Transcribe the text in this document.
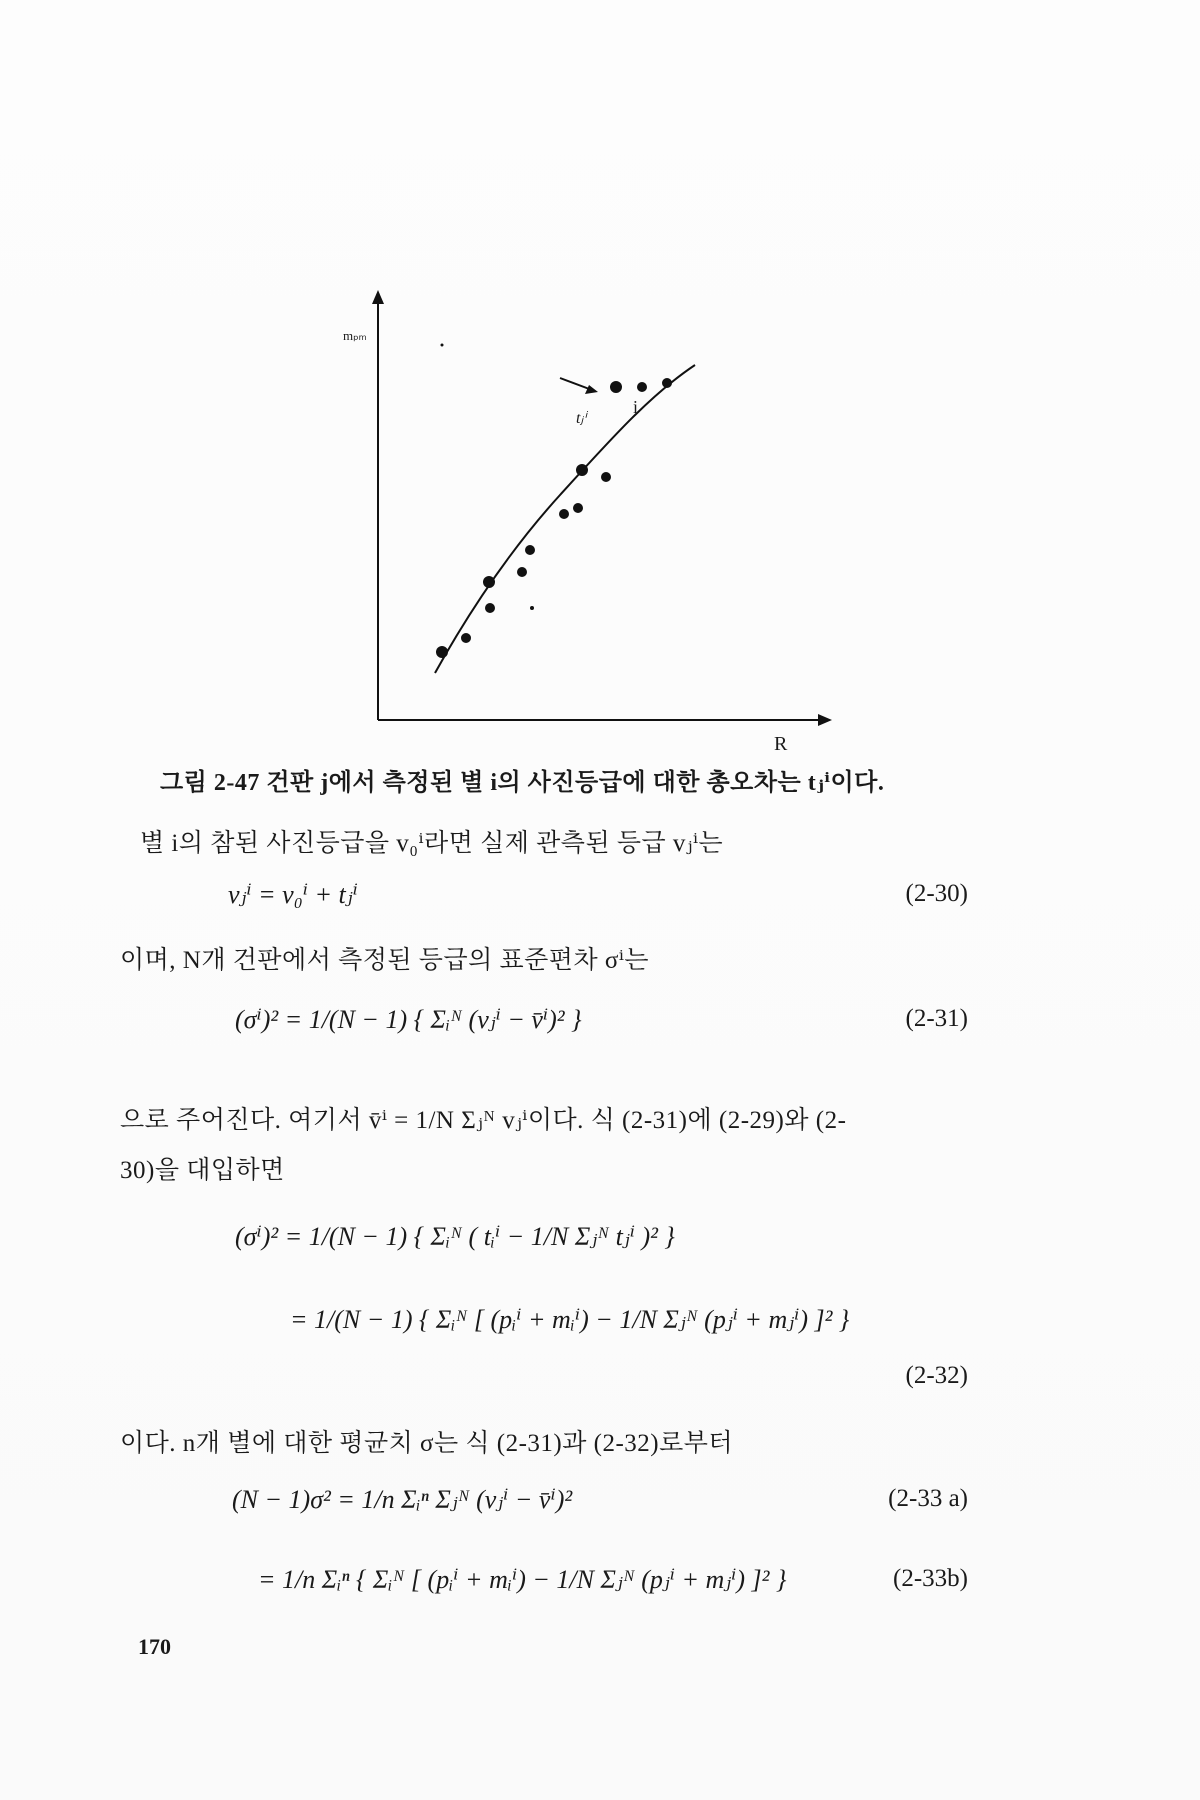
mₚₘ
R
i
tⱼⁱ
그림 2-47 건판 j에서 측정된 별 i의 사진등급에 대한 총오차는 tⱼⁱ이다.
별 i의 참된 사진등급을 v₀ⁱ라면 실제 관측된 등급 vⱼⁱ는
vⱼⁱ = v₀ⁱ + tⱼⁱ	(2-30)
이며, N개 건판에서 측정된 등급의 표준편차 σⁱ는
(σⁱ)² = 1/(N − 1) { Σᵢᴺ (vⱼⁱ − v̄ⁱ)² }	(2-31)
으로 주어진다. 여기서 v̄ⁱ = 1/N Σⱼᴺ vⱼⁱ이다. 식 (2-31)에 (2-29)와 (2-
30)을 대입하면
(σⁱ)² = 1/(N − 1) { Σᵢᴺ ( tᵢⁱ − 1/N Σⱼᴺ tⱼⁱ )² }
= 1/(N − 1) { Σᵢᴺ [ (pᵢⁱ + mᵢⁱ) − 1/N Σⱼᴺ (pⱼⁱ + mⱼⁱ) ]² }
(2-32)
이다. n개 별에 대한 평균치 σ는 식 (2-31)과 (2-32)로부터
(N − 1)σ² = 1/n Σᵢⁿ Σⱼᴺ (vⱼⁱ − v̄ⁱ)²	(2-33 a)
= 1/n Σᵢⁿ { Σᵢᴺ [ (pᵢⁱ + mᵢⁱ) − 1/N Σⱼᴺ (pⱼⁱ + mⱼⁱ) ]² }	(2-33b)
170
